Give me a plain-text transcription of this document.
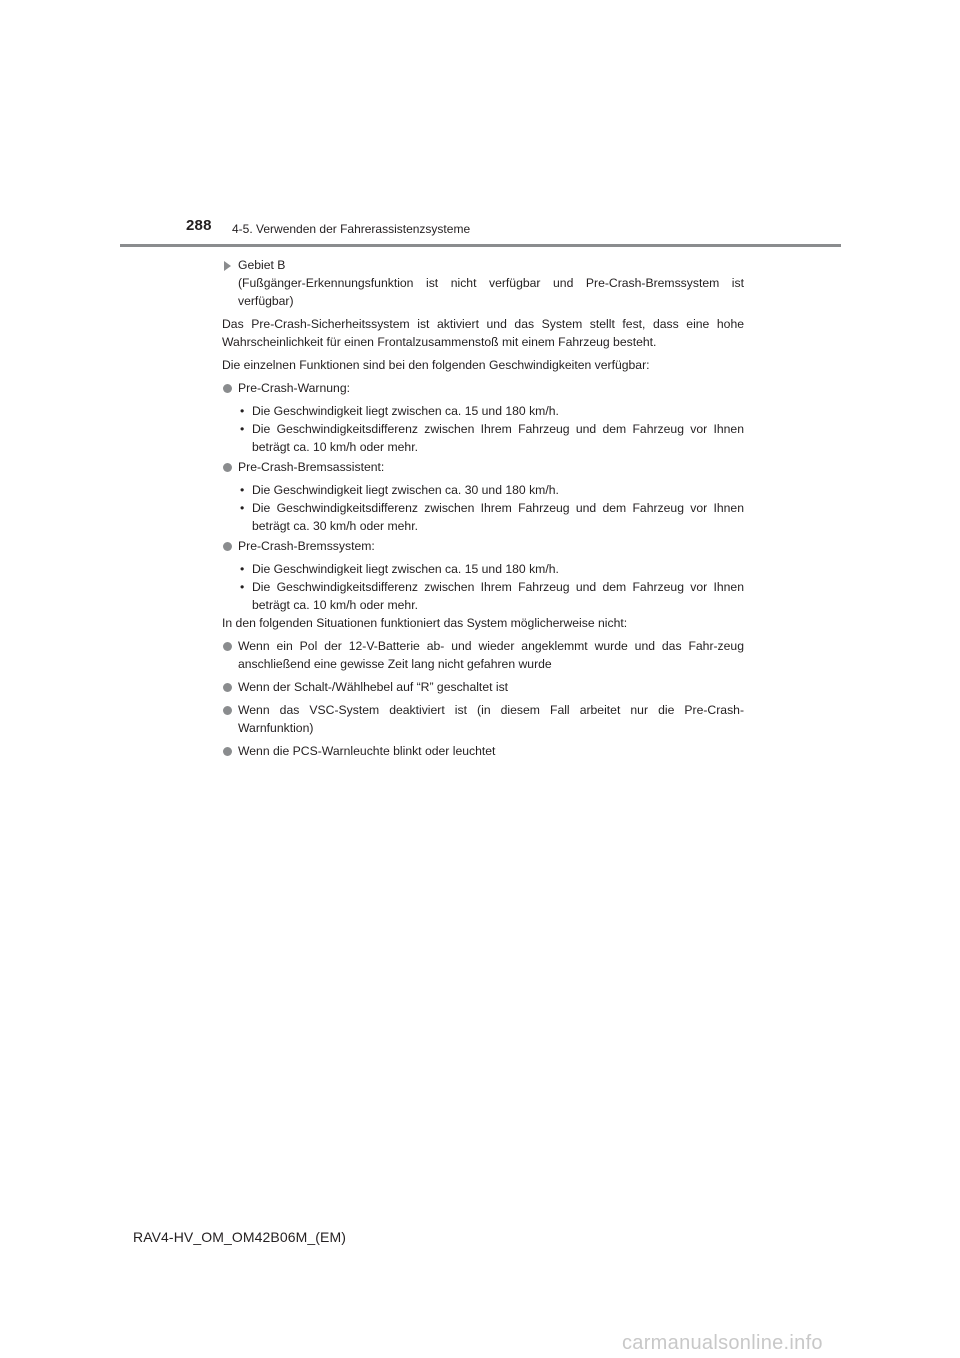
288 4-5. Verwenden der Fahrerassistenzsysteme
Gebiet B
(Fußgänger-Erkennungsfunktion ist nicht verfügbar und Pre-Crash-Bremssystem ist verfügbar)

Das Pre-Crash-Sicherheitssystem ist aktiviert und das System stellt fest, dass eine hohe Wahrscheinlichkeit für einen Frontalzusammenstoß mit einem Fahrzeug besteht.

Die einzelnen Funktionen sind bei den folgenden Geschwindigkeiten verfügbar:

Pre-Crash-Warnung:
• Die Geschwindigkeit liegt zwischen ca. 15 und 180 km/h.
• Die Geschwindigkeitsdifferenz zwischen Ihrem Fahrzeug und dem Fahrzeug vor Ihnen beträgt ca. 10 km/h oder mehr.
Pre-Crash-Bremsassistent:
• Die Geschwindigkeit liegt zwischen ca. 30 und 180 km/h.
• Die Geschwindigkeitsdifferenz zwischen Ihrem Fahrzeug und dem Fahrzeug vor Ihnen beträgt ca. 30 km/h oder mehr.
Pre-Crash-Bremssystem:
• Die Geschwindigkeit liegt zwischen ca. 15 und 180 km/h.
• Die Geschwindigkeitsdifferenz zwischen Ihrem Fahrzeug und dem Fahrzeug vor Ihnen beträgt ca. 10 km/h oder mehr.

In den folgenden Situationen funktioniert das System möglicherweise nicht:

Wenn ein Pol der 12-V-Batterie ab- und wieder angeklemmt wurde und das Fahr-zeug anschließend eine gewisse Zeit lang nicht gefahren wurde
Wenn der Schalt-/Wählhebel auf “R” geschaltet ist
Wenn das VSC-System deaktiviert ist (in diesem Fall arbeitet nur die Pre-Crash-Warnfunktion)
Wenn die PCS-Warnleuchte blinkt oder leuchtet
RAV4-HV_OM_OM42B06M_(EM)
carmanualsonline.info
